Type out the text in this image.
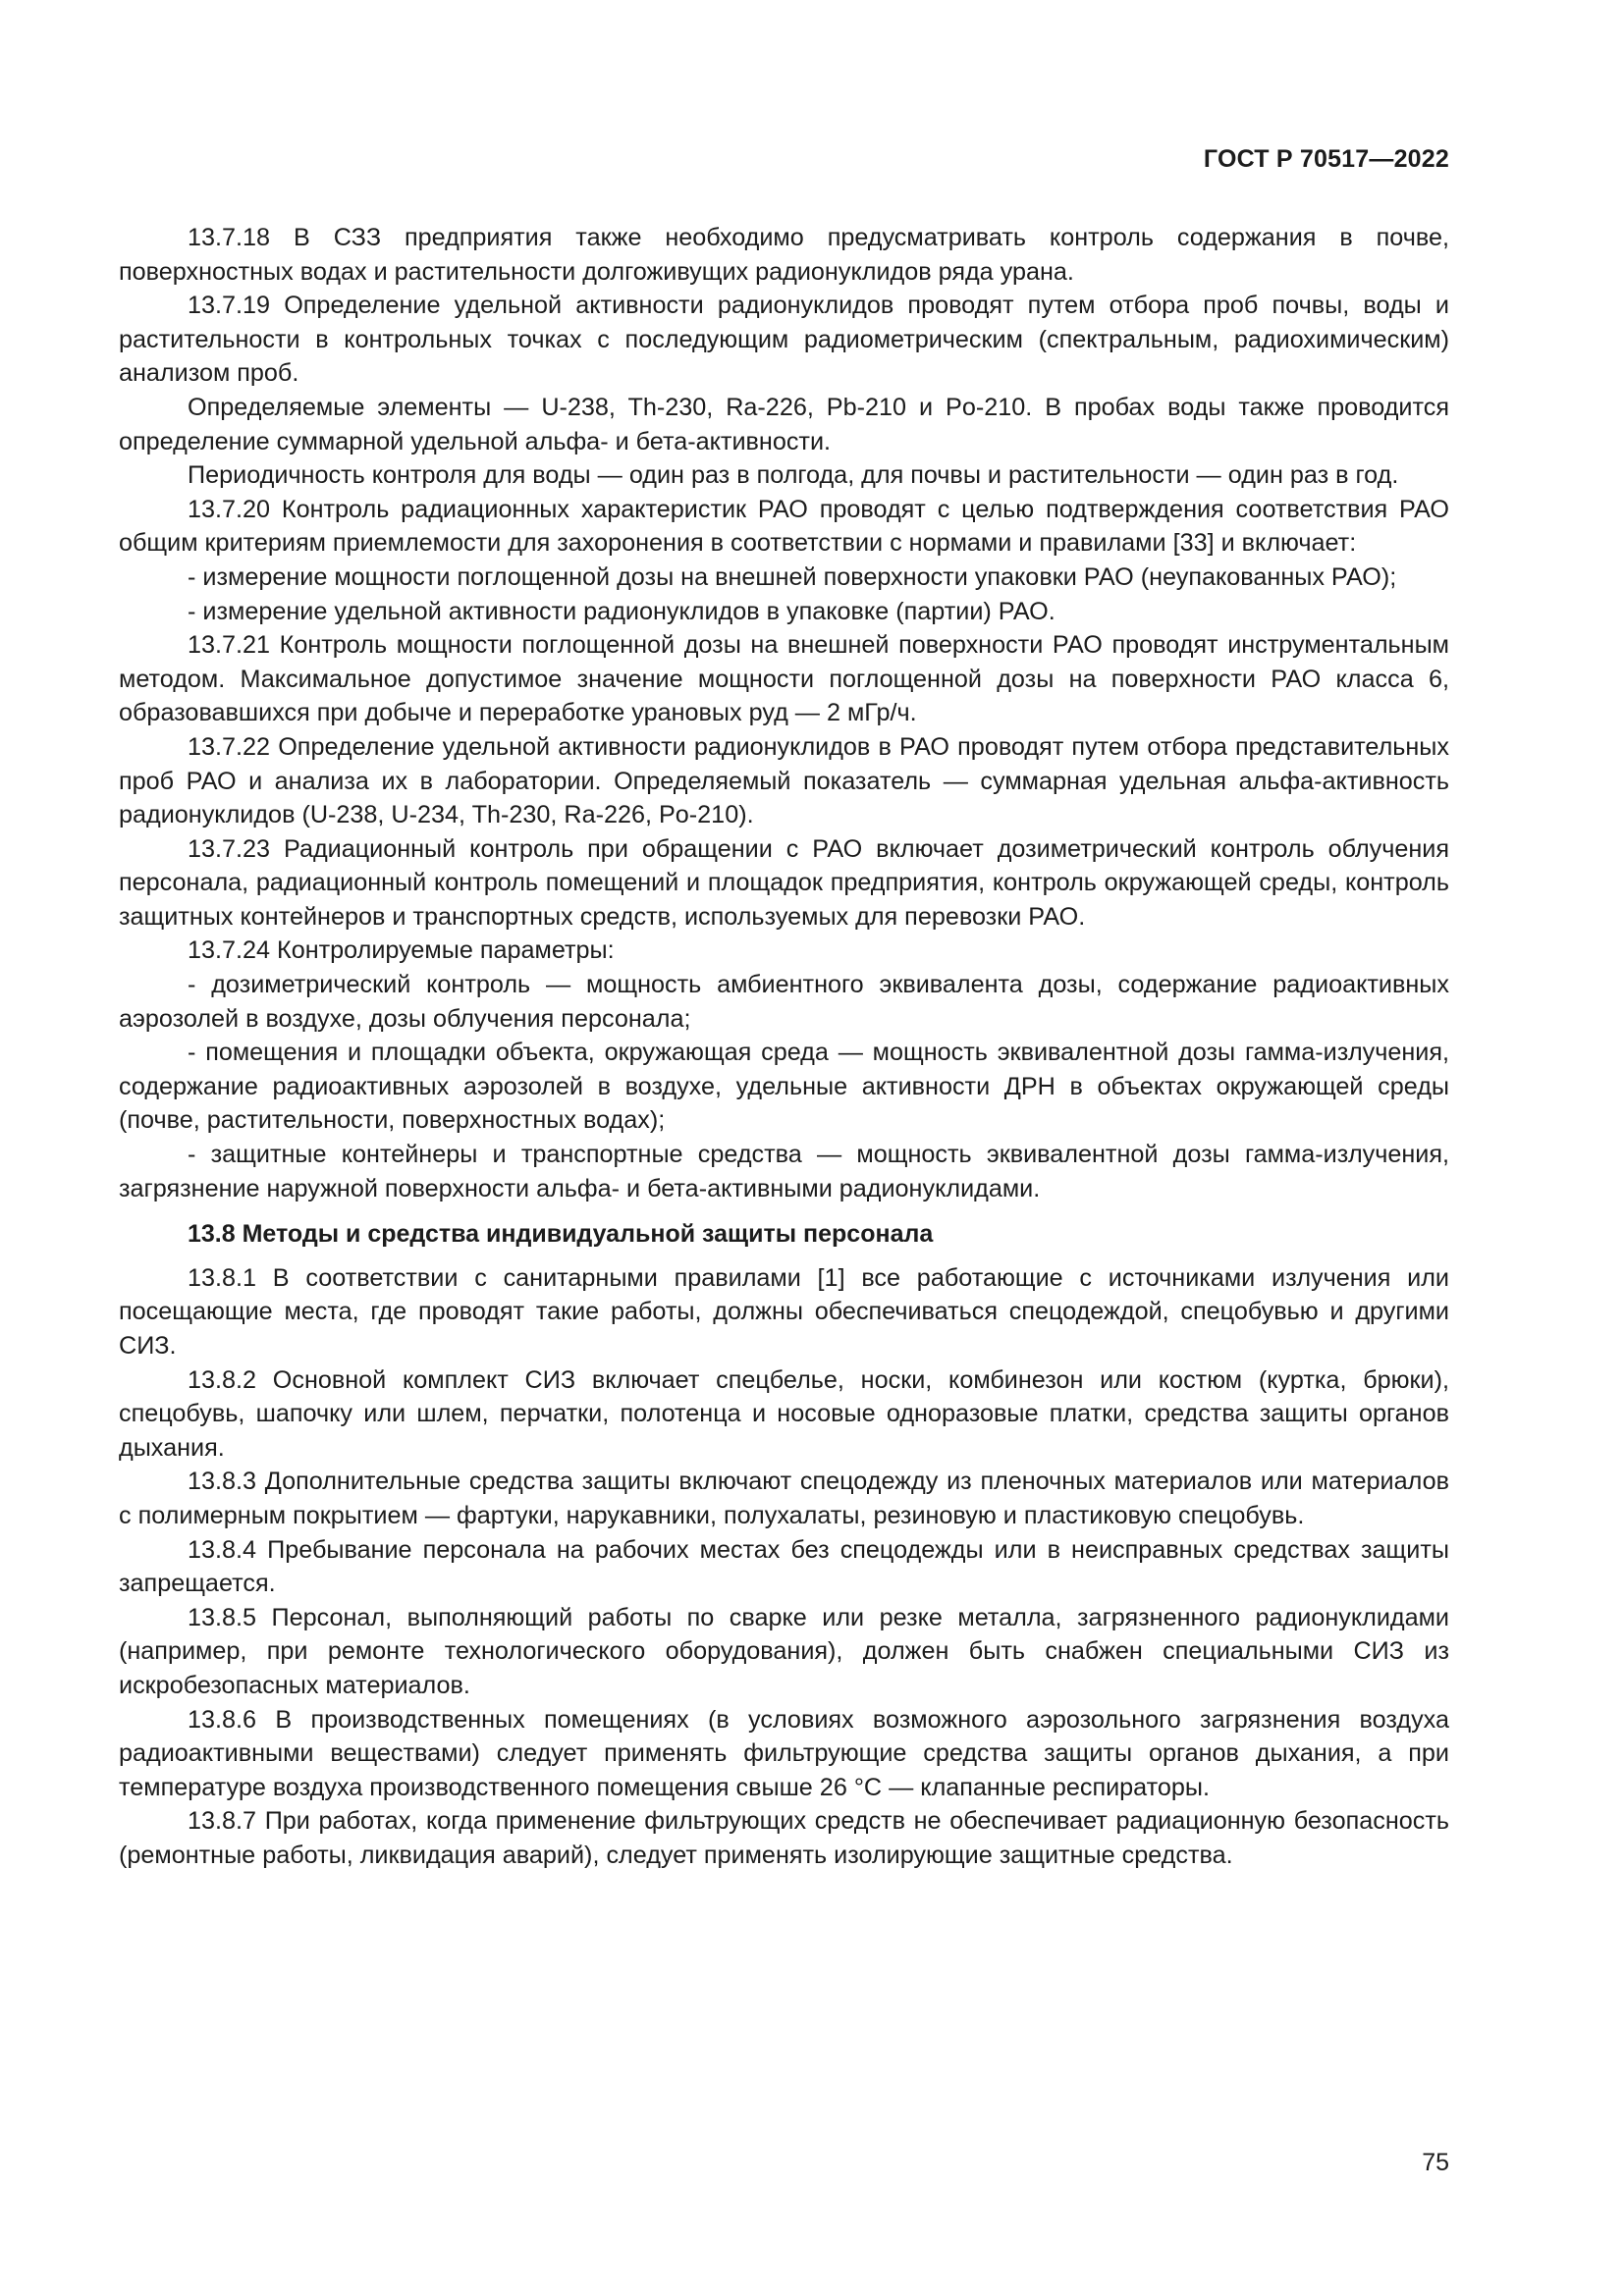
ГОСТ Р 70517—2022

13.7.18 В СЗЗ предприятия также необходимо предусматривать контроль содержания в почве, поверхностных водах и растительности долгоживущих радионуклидов ряда урана.

13.7.19 Определение удельной активности радионуклидов проводят путем отбора проб почвы, воды и растительности в контрольных точках с последующим радиометрическим (спектральным, радиохимическим) анализом проб.

Определяемые элементы — U-238, Th-230, Ra-226, Pb-210 и Po-210. В пробах воды также проводится определение суммарной удельной альфа- и бета-активности.

Периодичность контроля для воды — один раз в полгода, для почвы и растительности — один раз в год.

13.7.20 Контроль радиационных характеристик РАО проводят с целью подтверждения соответствия РАО общим критериям приемлемости для захоронения в соответствии с нормами и правилами [33] и включает:

- измерение мощности поглощенной дозы на внешней поверхности упаковки РАО (неупакованных РАО);

- измерение удельной активности радионуклидов в упаковке (партии) РАО.

13.7.21 Контроль мощности поглощенной дозы на внешней поверхности РАО проводят инструментальным методом. Максимальное допустимое значение мощности поглощенной дозы на поверхности РАО класса 6, образовавшихся при добыче и переработке урановых руд — 2 мГр/ч.

13.7.22 Определение удельной активности радионуклидов в РАО проводят путем отбора представительных проб РАО и анализа их в лаборатории. Определяемый показатель — суммарная удельная альфа-активность радионуклидов (U-238, U-234, Th-230, Ra-226, Po-210).

13.7.23 Радиационный контроль при обращении с РАО включает дозиметрический контроль облучения персонала, радиационный контроль помещений и площадок предприятия, контроль окружающей среды, контроль защитных контейнеров и транспортных средств, используемых для перевозки РАО.

13.7.24 Контролируемые параметры:

- дозиметрический контроль — мощность амбиентного эквивалента дозы, содержание радиоактивных аэрозолей в воздухе, дозы облучения персонала;

- помещения и площадки объекта, окружающая среда — мощность эквивалентной дозы гамма-излучения, содержание радиоактивных аэрозолей в воздухе, удельные активности ДРН в объектах окружающей среды (почве, растительности, поверхностных водах);

- защитные контейнеры и транспортные средства — мощность эквивалентной дозы гамма-излучения, загрязнение наружной поверхности альфа- и бета-активными радионуклидами.

13.8 Методы и средства индивидуальной защиты персонала

13.8.1 В соответствии с санитарными правилами [1] все работающие с источниками излучения или посещающие места, где проводят такие работы, должны обеспечиваться спецодеждой, спецобувью и другими СИЗ.

13.8.2 Основной комплект СИЗ включает спецбелье, носки, комбинезон или костюм (куртка, брюки), спецобувь, шапочку или шлем, перчатки, полотенца и носовые одноразовые платки, средства защиты органов дыхания.

13.8.3 Дополнительные средства защиты включают спецодежду из пленочных материалов или материалов с полимерным покрытием — фартуки, нарукавники, полухалаты, резиновую и пластиковую спецобувь.

13.8.4 Пребывание персонала на рабочих местах без спецодежды или в неисправных средствах защиты запрещается.

13.8.5 Персонал, выполняющий работы по сварке или резке металла, загрязненного радионуклидами (например, при ремонте технологического оборудования), должен быть снабжен специальными СИЗ из искробезопасных материалов.

13.8.6 В производственных помещениях (в условиях возможного аэрозольного загрязнения воздуха радиоактивными веществами) следует применять фильтрующие средства защиты органов дыхания, а при температуре воздуха производственного помещения свыше 26 °С — клапанные респираторы.

13.8.7 При работах, когда применение фильтрующих средств не обеспечивает радиационную безопасность (ремонтные работы, ликвидация аварий), следует применять изолирующие защитные средства.

75
